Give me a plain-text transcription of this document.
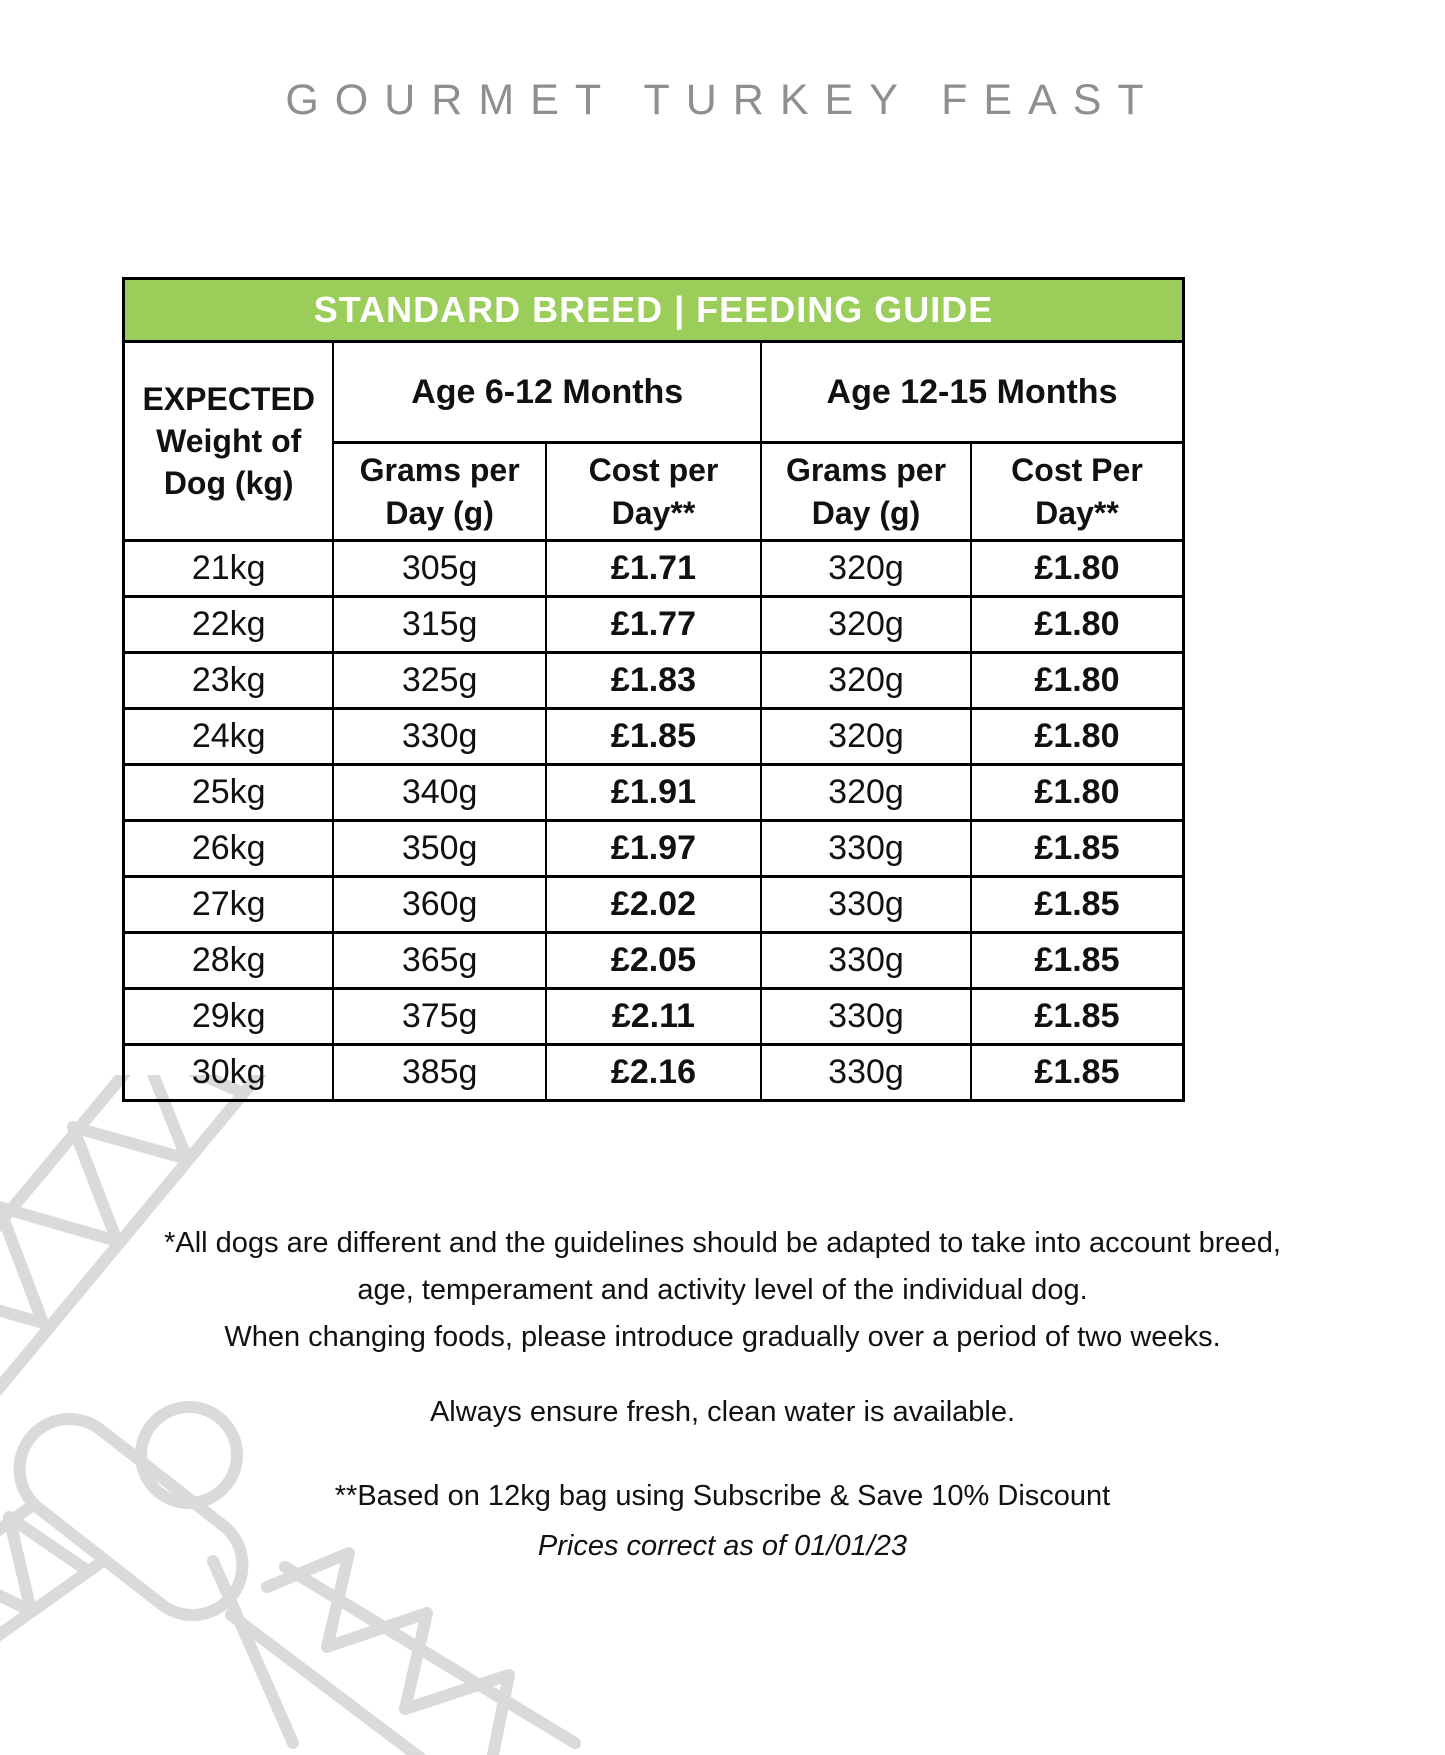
GOURMET TURKEY FEAST
STANDARD BREED | FEEDING GUIDE				
EXPECTED Weight of Dog (kg)	Age 6-12 Months		Age 12-15 Months	
	Grams per Day (g)	Cost per Day**	Grams per Day (g)	Cost Per Day**
21kg	305g	£1.71	320g	£1.80
22kg	315g	£1.77	320g	£1.80
23kg	325g	£1.83	320g	£1.80
24kg	330g	£1.85	320g	£1.80
25kg	340g	£1.91	320g	£1.80
26kg	350g	£1.97	330g	£1.85
27kg	360g	£2.02	330g	£1.85
28kg	365g	£2.05	330g	£1.85
29kg	375g	£2.11	330g	£1.85
30kg	385g	£2.16	330g	£1.85
*All dogs are different and the guidelines should be adapted to take into account breed,
age, temperament and activity level of the individual dog.
When changing foods, please introduce gradually over a period of two weeks.
Always ensure fresh, clean water is available.
**Based on 12kg bag using Subscribe & Save 10% Discount
Prices correct as of 01/01/23
